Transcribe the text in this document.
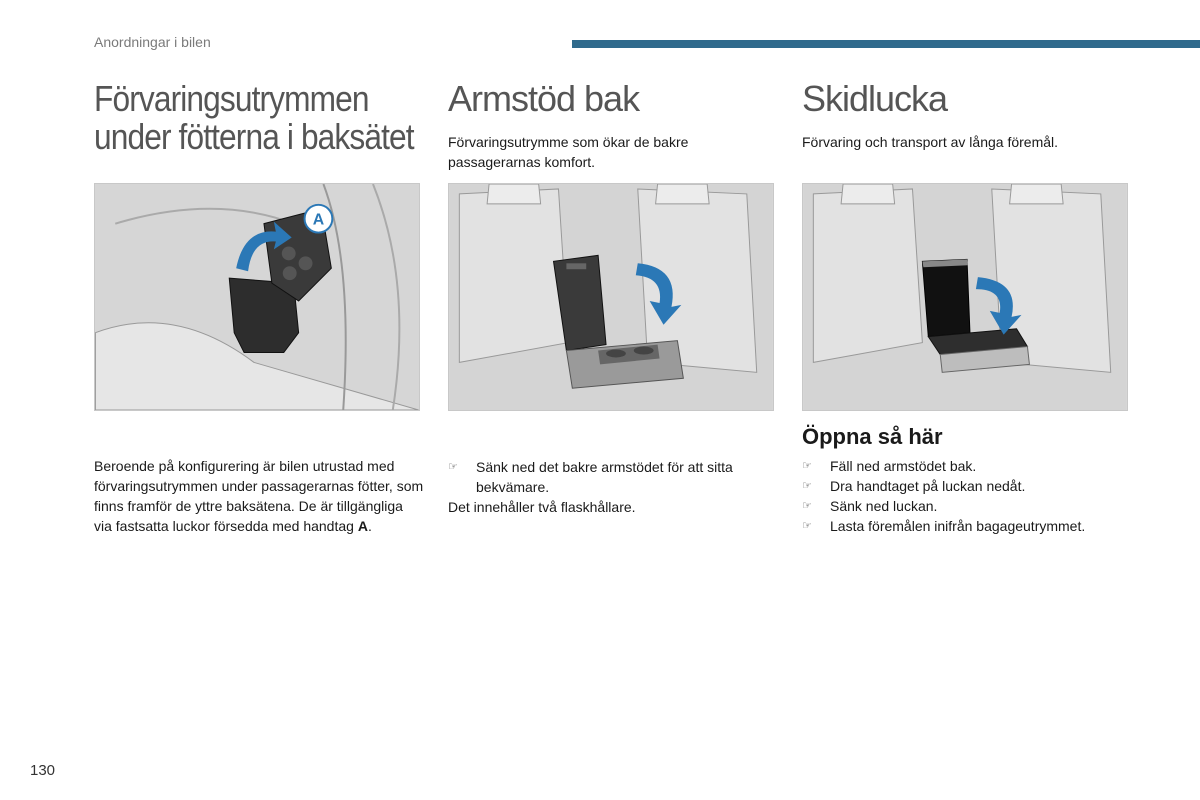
Anordningar i bilen
Förvaringsutrymmen
under fötterna i baksätet
Armstöd bak
Förvaringsutrymme som ökar de bakre passagerarnas komfort.
Skidlucka
Förvaring och transport av långa föremål.
A
Beroende på konfigurering är bilen utrustad med förvaringsutrymmen under passagerarnas fötter, som finns framför de yttre baksätena. De är tillgängliga via fastsatta luckor försedda med handtag A.
☞ Sänk ned det bakre armstödet för att sitta bekvämare.
Det innehåller två flaskhållare.
Öppna så här
☞ Fäll ned armstödet bak.
☞ Dra handtaget på luckan nedåt.
☞ Sänk ned luckan.
☞ Lasta föremålen inifrån bagageutrymmet.
130
